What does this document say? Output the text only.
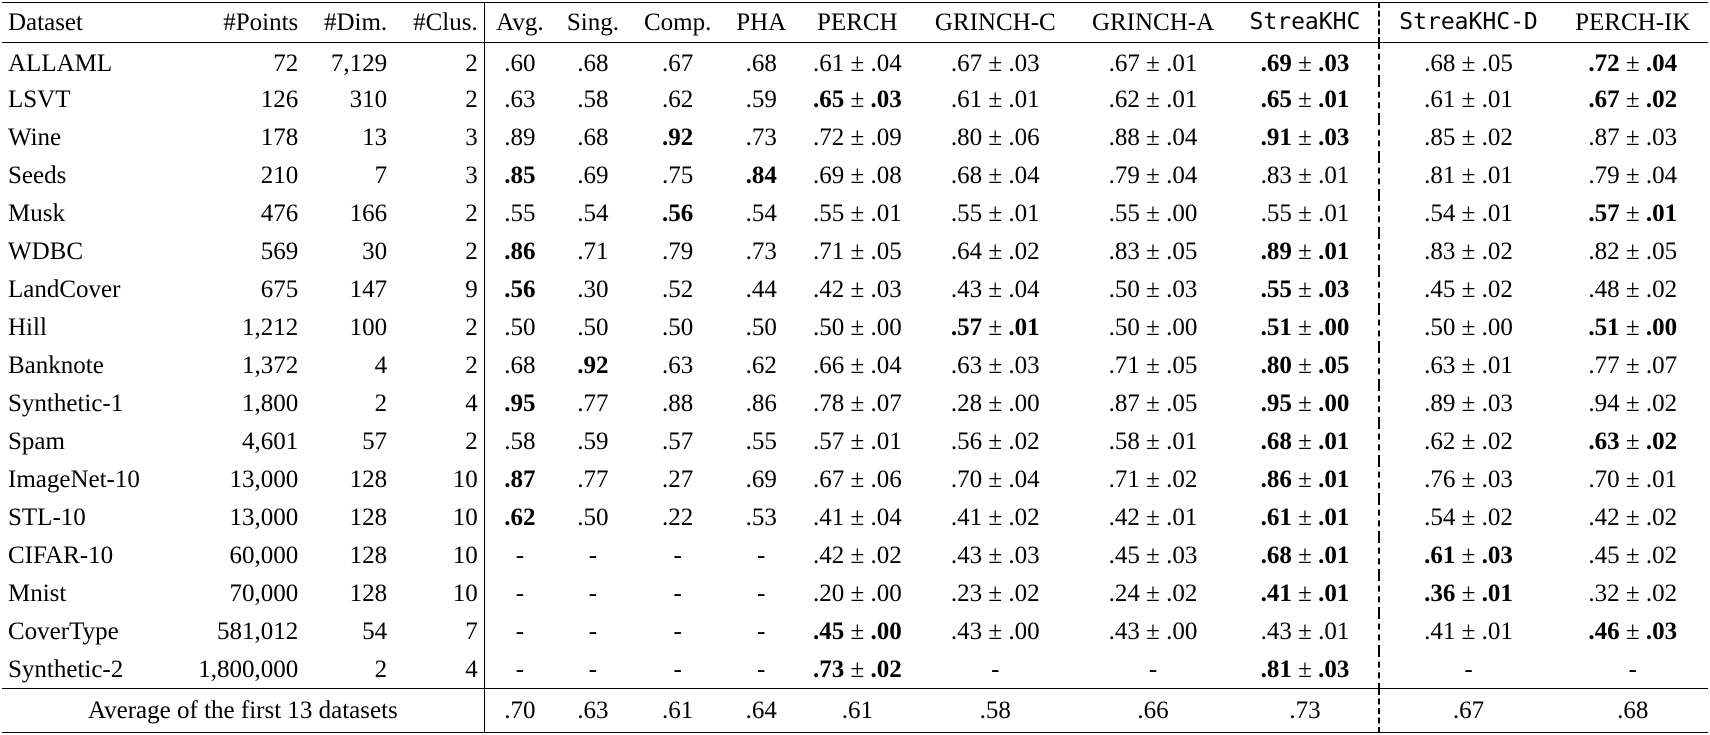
Dataset	#Points	#Dim.	#Clus.	Avg.	Sing.	Comp.	PHA	PERCH	GRINCH-C	GRINCH-A	StreaKHC	StreaKHC-D	PERCH-IK
ALLAML	72	7,129	2	.60	.68	.67	.68	.61 ± .04	.67 ± .03	.67 ± .01	.69 ± .03	.68 ± .05	.72 ± .04
LSVT	126	310	2	.63	.58	.62	.59	.65 ± .03	.61 ± .01	.62 ± .01	.65 ± .01	.61 ± .01	.67 ± .02
Wine	178	13	3	.89	.68	.92	.73	.72 ± .09	.80 ± .06	.88 ± .04	.91 ± .03	.85 ± .02	.87 ± .03
Seeds	210	7	3	.85	.69	.75	.84	.69 ± .08	.68 ± .04	.79 ± .04	.83 ± .01	.81 ± .01	.79 ± .04
Musk	476	166	2	.55	.54	.56	.54	.55 ± .01	.55 ± .01	.55 ± .00	.55 ± .01	.54 ± .01	.57 ± .01
WDBC	569	30	2	.86	.71	.79	.73	.71 ± .05	.64 ± .02	.83 ± .05	.89 ± .01	.83 ± .02	.82 ± .05
LandCover	675	147	9	.56	.30	.52	.44	.42 ± .03	.43 ± .04	.50 ± .03	.55 ± .03	.45 ± .02	.48 ± .02
Hill	1,212	100	2	.50	.50	.50	.50	.50 ± .00	.57 ± .01	.50 ± .00	.51 ± .00	.50 ± .00	.51 ± .00
Banknote	1,372	4	2	.68	.92	.63	.62	.66 ± .04	.63 ± .03	.71 ± .05	.80 ± .05	.63 ± .01	.77 ± .07
Synthetic-1	1,800	2	4	.95	.77	.88	.86	.78 ± .07	.28 ± .00	.87 ± .05	.95 ± .00	.89 ± .03	.94 ± .02
Spam	4,601	57	2	.58	.59	.57	.55	.57 ± .01	.56 ± .02	.58 ± .01	.68 ± .01	.62 ± .02	.63 ± .02
ImageNet-10	13,000	128	10	.87	.77	.27	.69	.67 ± .06	.70 ± .04	.71 ± .02	.86 ± .01	.76 ± .03	.70 ± .01
STL-10	13,000	128	10	.62	.50	.22	.53	.41 ± .04	.41 ± .02	.42 ± .01	.61 ± .01	.54 ± .02	.42 ± .02
CIFAR-10	60,000	128	10	-	-	-	-	.42 ± .02	.43 ± .03	.45 ± .03	.68 ± .01	.61 ± .03	.45 ± .02
Mnist	70,000	128	10	-	-	-	-	.20 ± .00	.23 ± .02	.24 ± .02	.41 ± .01	.36 ± .01	.32 ± .02
CoverType	581,012	54	7	-	-	-	-	.45 ± .00	.43 ± .00	.43 ± .00	.43 ± .01	.41 ± .01	.46 ± .03
Synthetic-2	1,800,000	2	4	-	-	-	-	.73 ± .02	-	-	.81 ± .03	-	-
Average of the first 13 datasets				.70	.63	.61	.64	.61	.58	.66	.73	.67	.68
